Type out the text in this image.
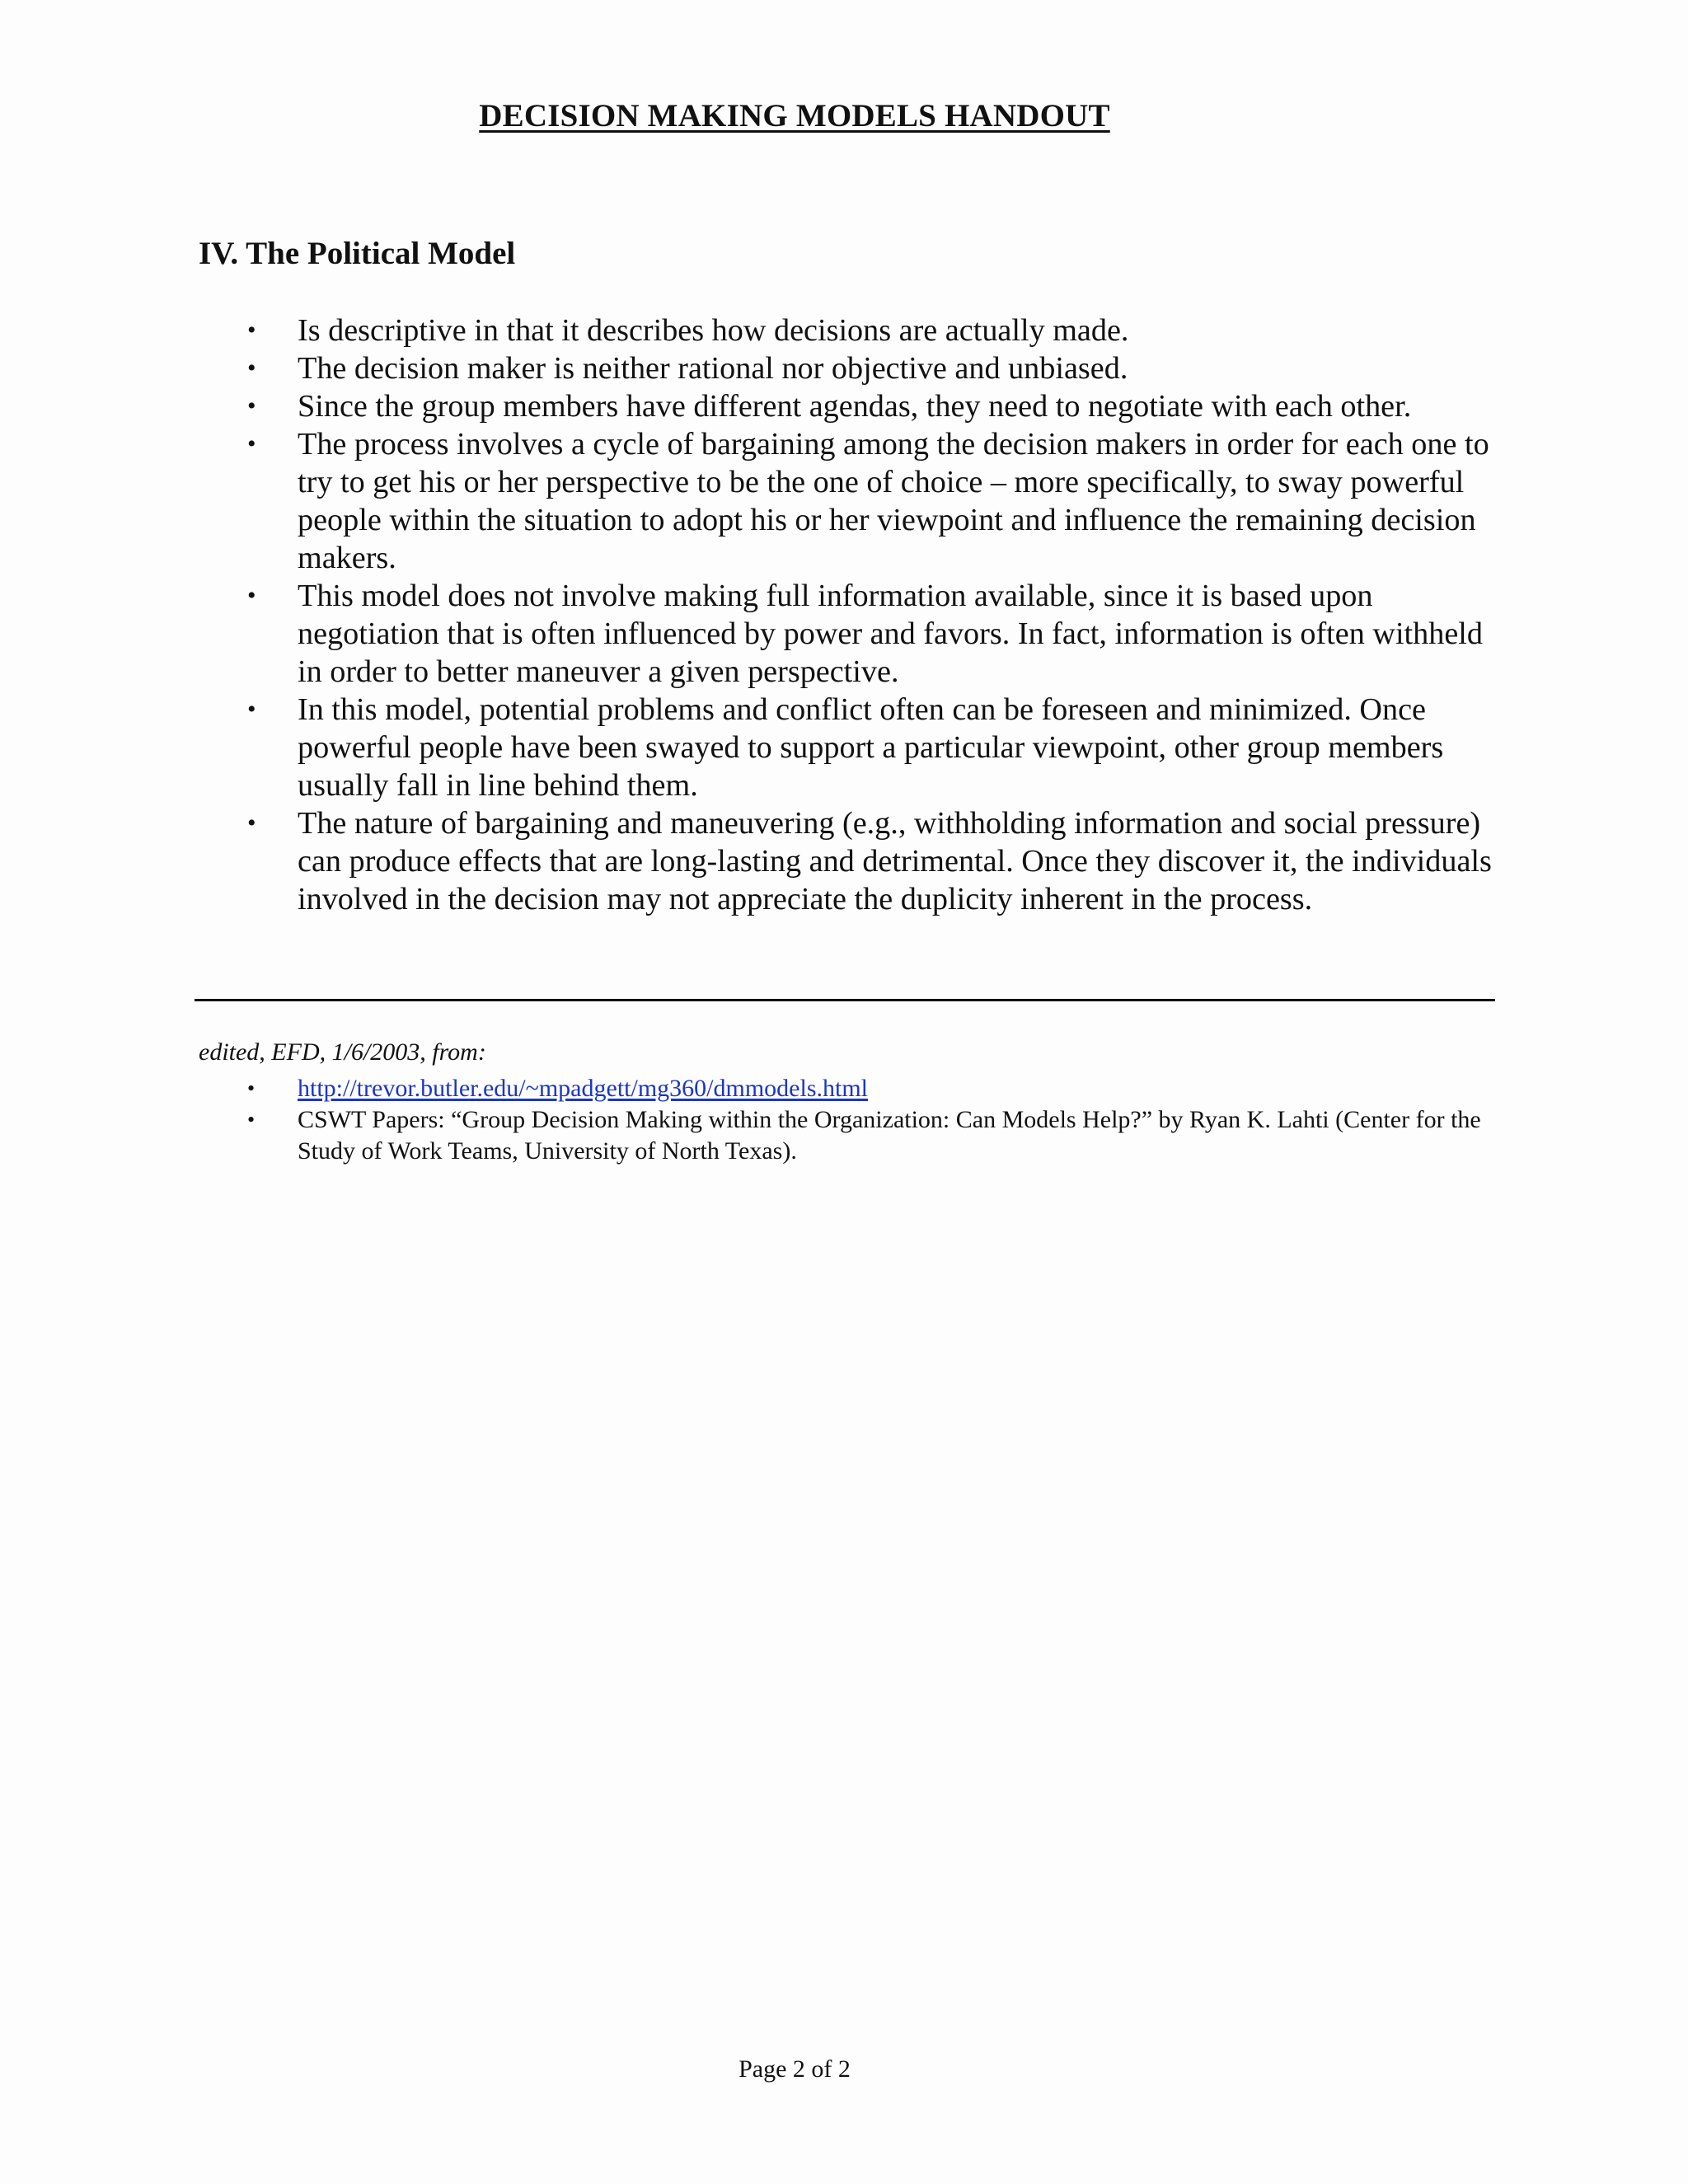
DECISION MAKING MODELS HANDOUT
IV. The Political Model
• Is descriptive in that it describes how decisions are actually made.
• The decision maker is neither rational nor objective and unbiased.
• Since the group members have different agendas, they need to negotiate with each other.
• The process involves a cycle of bargaining among the decision makers in order for each one to try to get his or her perspective to be the one of choice – more specifically, to sway powerful people within the situation to adopt his or her viewpoint and influence the remaining decision makers.
• This model does not involve making full information available, since it is based upon negotiation that is often influenced by power and favors. In fact, information is often withheld in order to better maneuver a given perspective.
• In this model, potential problems and conflict often can be foreseen and minimized. Once powerful people have been swayed to support a particular viewpoint, other group members usually fall in line behind them.
• The nature of bargaining and maneuvering (e.g., withholding information and social pressure) can produce effects that are long-lasting and detrimental. Once they discover it, the individuals involved in the decision may not appreciate the duplicity inherent in the process.

edited, EFD, 1/6/2003, from:

• http://trevor.butler.edu/~mpadgett/mg360/dmmodels.html
• CSWT Papers: “Group Decision Making within the Organization: Can Models Help?” by Ryan K. Lahti (Center for the Study of Work Teams, University of North Texas).

Page 2 of 2
